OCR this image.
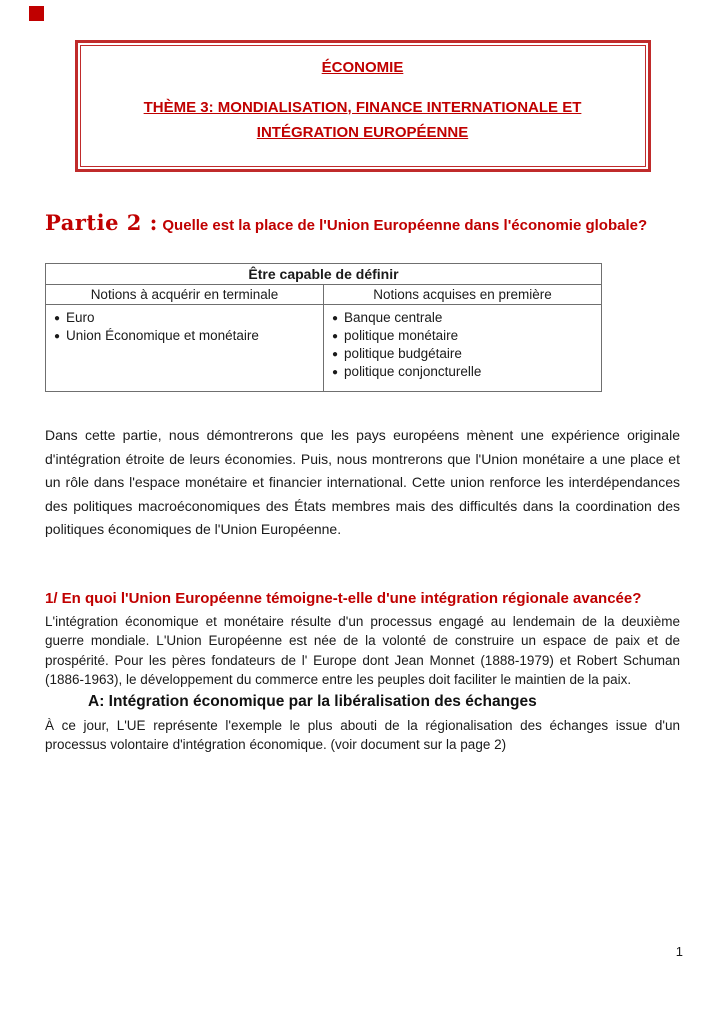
ÉCONOMIE
THÈME 3: MONDIALISATION, FINANCE INTERNATIONALE ET
INTÉGRATION EUROPÉENNE
Partie 2 : Quelle est la place de l'Union Européenne dans l'économie globale?
Être capable de définir	
Notions à acquérir en terminale	Notions acquises en première

● Euro
● Union Économique et monétaire

● Banque centrale
● politique monétaire
● politique budgétaire
● politique conjoncturelle

Dans cette partie, nous démontrerons que les pays européens mènent une expérience originale d'intégration étroite de leurs économies. Puis, nous montrerons que l'Union monétaire a une place et un rôle dans l'espace monétaire et financier international. Cette union renforce les interdépendances des politiques macroéconomiques des États membres mais des difficultés dans la coordination des politiques économiques de l'Union Européenne.

1/ En quoi l'Union Européenne témoigne-t-elle d'une intégration régionale avancée?

L'intégration économique et monétaire résulte d'un processus engagé au lendemain de la deuxième guerre mondiale. L'Union Européenne est née de la volonté de construire un espace de paix et de prospérité. Pour les pères fondateurs de l' Europe dont Jean Monnet (1888-1979) et Robert Schuman (1886-1963), le développement du commerce entre les peuples doit faciliter le maintien de la paix.

A: Intégration économique par la libéralisation des échanges

À ce jour, L'UE représente l'exemple le plus abouti de la régionalisation des échanges issue d'un processus volontaire d'intégration économique. (voir document sur la page 2)

1
